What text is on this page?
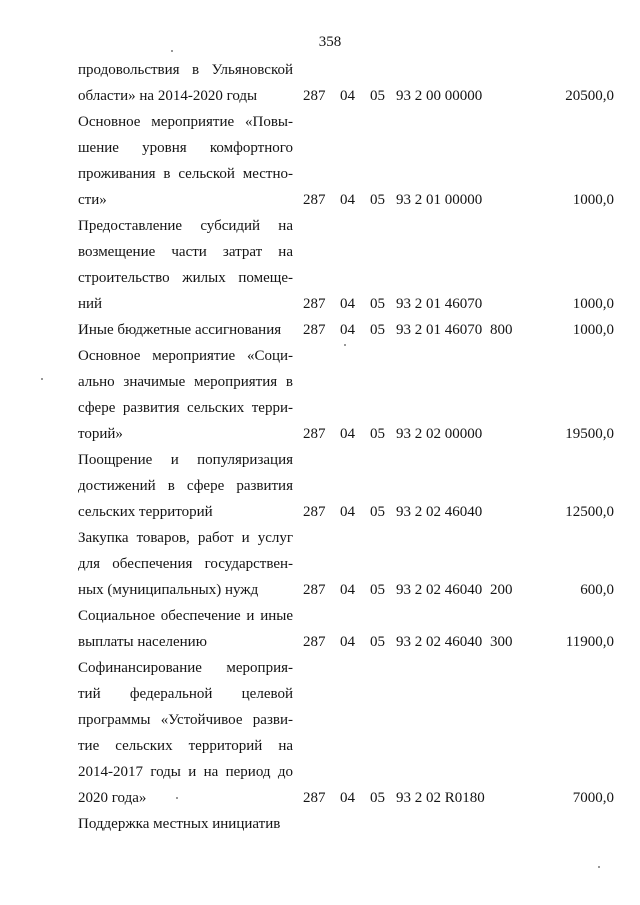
358
продовольствия в Ульяновской
области» на 2014-2020 годы	287 04 05 93 2 00 00000	20500,0
Основное мероприятие «Повы-
шение уровня комфортного
проживания в сельской местно-
сти»	287 04 05 93 2 01 00000	1000,0
Предоставление субсидий на
возмещение части затрат на
строительство жилых помеще-
ний	287 04 05 93 2 01 46070	1000,0
Иные бюджетные ассигнования	287 04 05 93 2 01 46070 800	1000,0
Основное мероприятие «Соци-
ально значимые мероприятия в
сфере развития сельских терри-
торий»	287 04 05 93 2 02 00000	19500,0
Поощрение и популяризация
достижений в сфере развития
сельских территорий	287 04 05 93 2 02 46040	12500,0
Закупка товаров, работ и услуг
для обеспечения государствен-
ных (муниципальных) нужд	287 04 05 93 2 02 46040 200	600,0
Социальное обеспечение и иные
выплаты населению	287 04 05 93 2 02 46040 300	11900,0
Софинансирование мероприя-
тий федеральной целевой
программы «Устойчивое разви-
тие сельских территорий на
2014-2017 годы и на период до
2020 года»	287 04 05 93 2 02 R0180	7000,0
Поддержка местных инициатив
